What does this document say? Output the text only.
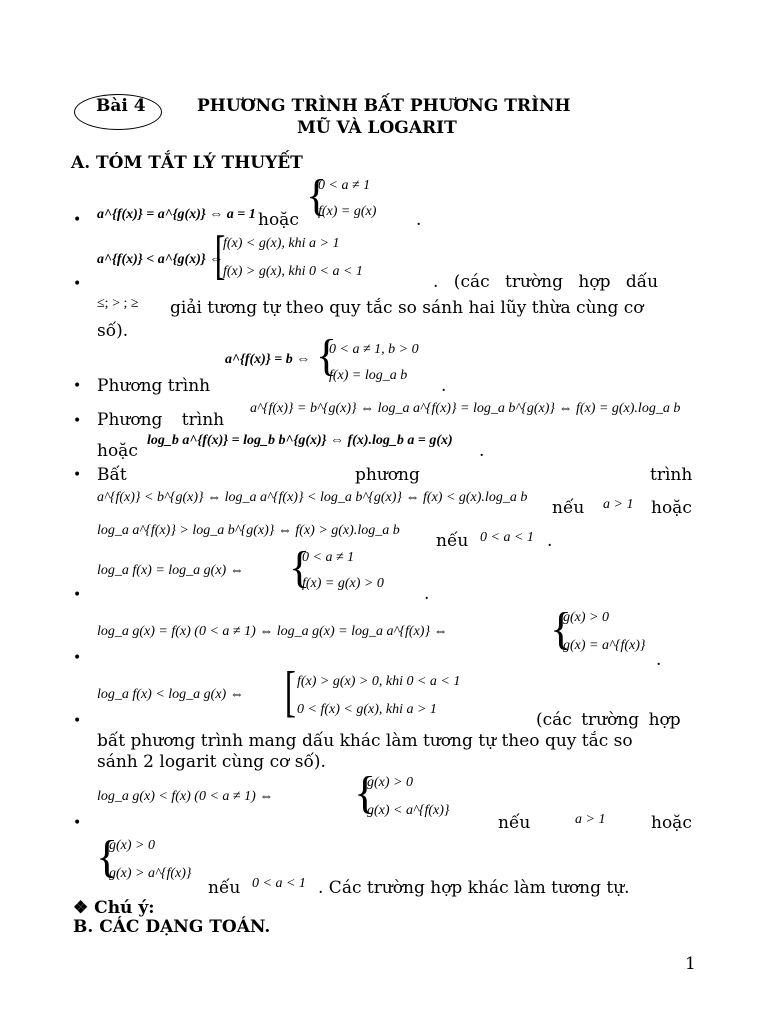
Bài 4	PHƯƠNG TRÌNH BẤT PHƯƠNG TRÌNH
MŨ VÀ LOGARIT
A. TÓM TẮT LÝ THUYẾT
•	{
0 < a ≠ 1
f(x) = g(x)
a^{f(x)} = a^{g(x)} ⇔ a = 1 hoặc	.
a^{f(x)} < a^{g(x)} ⇔
[
f(x) < g(x), khi a > 1
f(x) > g(x), khi 0 < a < 1
•	. (các trường hợp dấu
≤; > ; ≥ giải tương tự theo quy tắc so sánh hai lũy thừa cùng cơ
số).
a^{f(x)} = b ⇔ {
0 < a ≠ 1, b > 0
f(x) = log_a b
• Phương trình	.
• Phương trình
a^{f(x)} = b^{g(x)} ⇔ log_a a^{f(x)} = log_a b^{g(x)} ⇔ f(x) = g(x).log_a b
hoặc
log_b a^{f(x)} = log_b b^{g(x)} ⇔ f(x).log_b a = g(x)
.
• Bất	phương	trình
a^{f(x)} < b^{g(x)} ⇔ log_a a^{f(x)} < log_a b^{g(x)} ⇔ f(x) < g(x).log_a b
nếu a > 1 hoặc
log_a a^{f(x)} > log_a b^{g(x)} ⇔ f(x) > g(x).log_a b
nếu 0 < a < 1 .
log_a f(x) = log_a g(x) ⇔ {
0 < a ≠ 1
f(x) = g(x) > 0
•	.
log_a g(x) = f(x) (0 < a ≠ 1) ⇔ log_a g(x) = log_a a^{f(x)} ⇔ {
g(x) > 0
g(x) = a^{f(x)}
•	.
log_a f(x) < log_a g(x) ⇔ [ f(x) > g(x) > 0, khi 0 < a < 1
0 < f(x) < g(x), khi a > 1
•	(các trường hợp
bất phương trình mang dấu khác làm tương tự theo quy tắc so
sánh 2 logarit cùng cơ số).
log_a g(x) < f(x) (0 < a ≠ 1) ⇔ {
g(x) > 0
g(x) < a^{f(x)}
•	nếu	a > 1	hoặc
{
g(x) > 0
g(x) > a^{f(x)}
nếu 0 < a < 1 . Các trường hợp khác làm tương tự.
❖ Chú ý:
B. CÁC DẠNG TOÁN.
1
